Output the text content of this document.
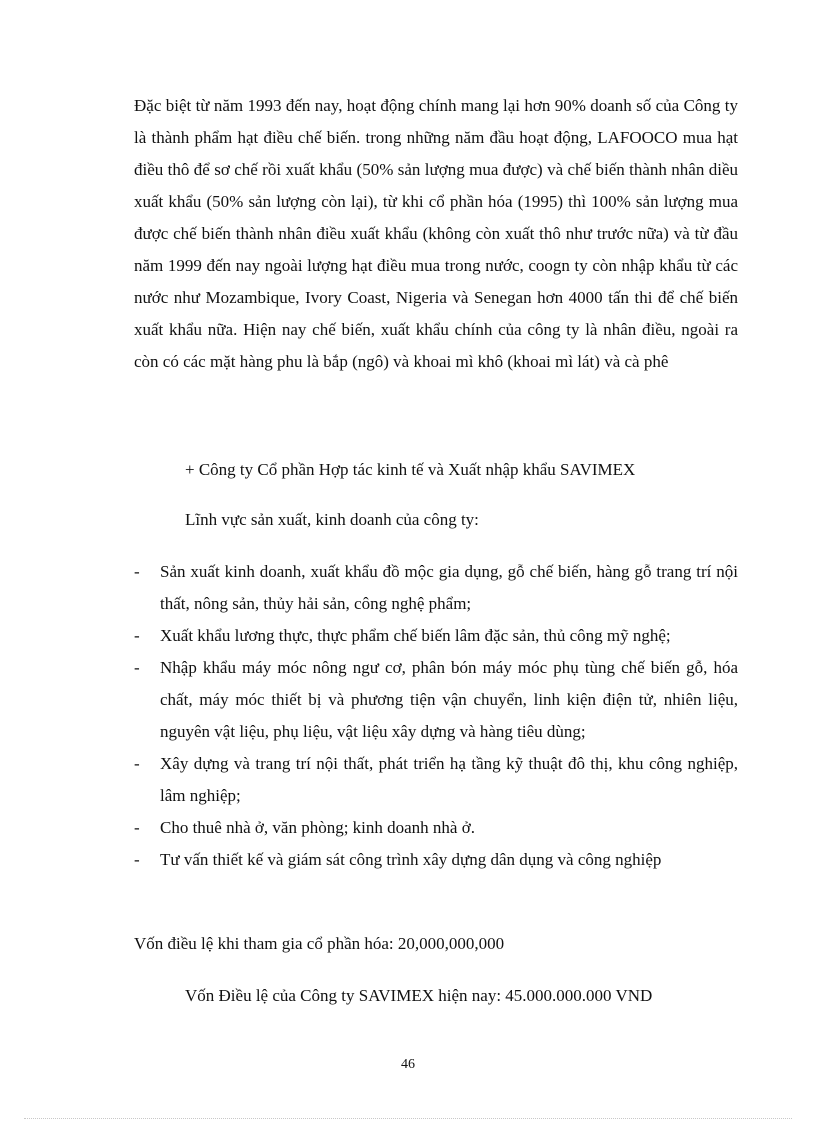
Đặc biệt từ năm 1993 đến nay, hoạt động chính mang lại hơn 90% doanh số của Công ty là thành phẩm hạt điều chế biến. trong những năm đầu hoạt động, LAFOOCO mua hạt điều thô để sơ chế rồi xuất khẩu (50% sản lượng mua được) và chế biến thành nhân diều xuất khẩu (50% sản lượng còn lại), từ khi cổ phần hóa (1995) thì 100% sản lượng mua được chế biến thành nhân điều xuất khẩu (không còn xuất thô như trước nữa) và từ đầu năm 1999 đến nay ngoài lượng hạt điều mua trong nước, coogn ty còn nhập khẩu từ các nước như Mozambique, Ivory Coast, Nigeria và Senegan hơn 4000 tấn thi để chế biến xuất khẩu nữa. Hiện nay chế biến, xuất khẩu chính của công ty là nhân điều, ngoài ra còn có các mặt hàng phu là bắp (ngô) và khoai mì khô (khoai mì lát) và cà phê

+ Công ty Cổ phần Hợp tác kinh tế và Xuất nhập khẩu SAVIMEX

Lĩnh vực sản xuất, kinh doanh của công ty:

- Sản xuất kinh doanh, xuất khẩu đồ mộc gia dụng, gỗ chế biến, hàng gỗ trang trí nội thất, nông sản, thủy hải sản, công nghệ phẩm;
- Xuất khẩu lương thực, thực phẩm chế biến lâm đặc sản, thủ công mỹ nghệ;
- Nhập khẩu máy móc nông ngư cơ, phân bón máy móc phụ tùng chế biến gỗ, hóa chất, máy móc thiết bị và phương tiện vận chuyển, linh kiện điện tử, nhiên liệu, nguyên vật liệu, phụ liệu, vật liệu xây dựng và hàng tiêu dùng;
- Xây dựng và trang trí nội thất, phát triển hạ tầng kỹ thuật đô thị, khu công nghiệp, lâm nghiệp;
- Cho thuê nhà ở, văn phòng; kinh doanh nhà ở.
- Tư vấn thiết kế và giám sát công trình xây dựng dân dụng và công nghiệp

Vốn điều lệ khi tham gia cổ phần hóa: 20,000,000,000

Vốn Điều lệ của Công ty SAVIMEX hiện nay: 45.000.000.000 VND

46
